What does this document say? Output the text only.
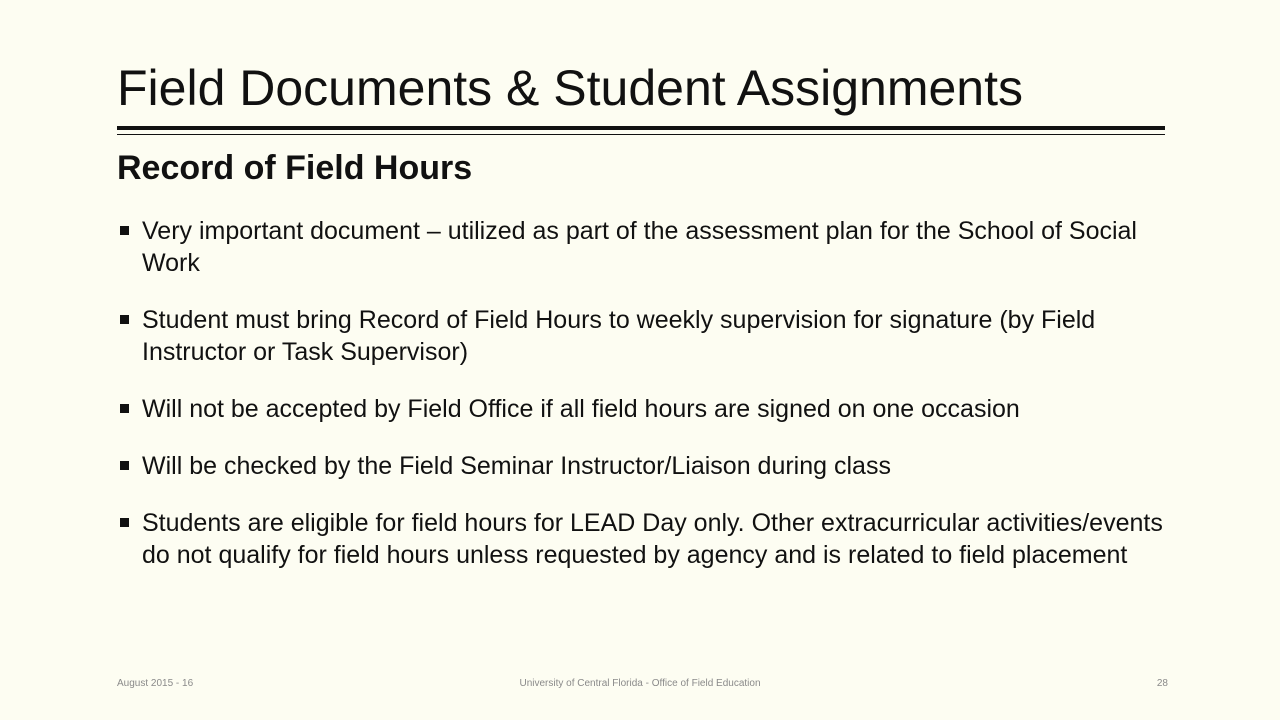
Field Documents & Student Assignments
Record of Field Hours
Very important document – utilized as part of the assessment plan for the School of Social Work
Student must bring Record of Field Hours to weekly supervision for signature (by Field Instructor or Task Supervisor)
Will not be accepted by Field Office if all field hours are signed on one occasion
Will be checked by the Field Seminar Instructor/Liaison during class
Students are eligible for field hours for LEAD Day only. Other extracurricular activities/events do not qualify for field hours unless requested by agency and is related to field placement
August 2015 - 16	University of Central Florida - Office of Field Education	28
